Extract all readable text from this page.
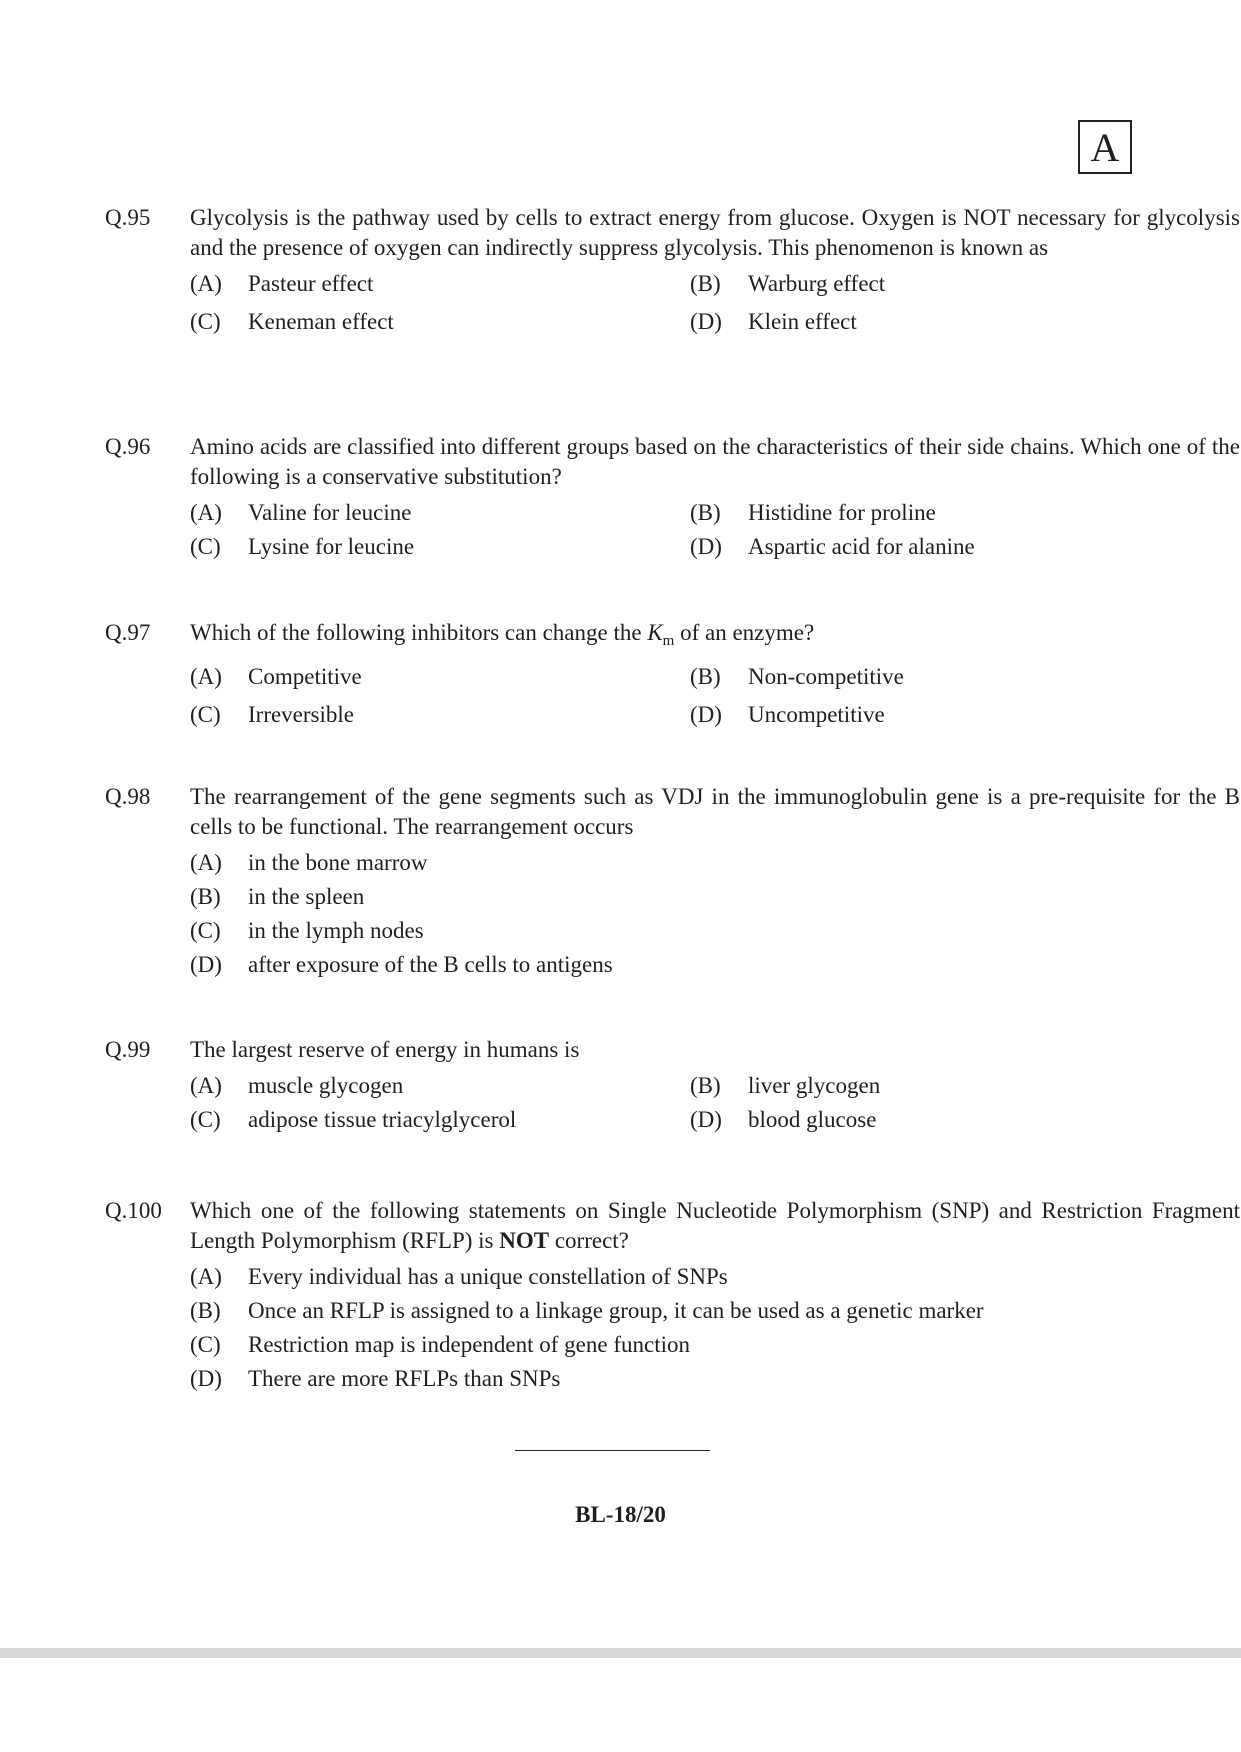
A
Q.95	Glycolysis is the pathway used by cells to extract energy from glucose. Oxygen is NOT necessary for glycolysis and the presence of oxygen can indirectly suppress glycolysis. This phenomenon is known as

(A) Pasteur effect	(B) Warburg effect
(C) Keneman effect	(D) Klein effect
Q.96	Amino acids are classified into different groups based on the characteristics of their side chains. Which one of the following is a conservative substitution?

(A) Valine for leucine	(B) Histidine for proline
(C) Lysine for leucine	(D) Aspartic acid for alanine
Q.97	Which of the following inhibitors can change the $K_m$ of an enzyme?

(A) Competitive	(B) Non-competitive
(C) Irreversible	(D) Uncompetitive
Q.98	The rearrangement of the gene segments such as VDJ in the immunoglobulin gene is a pre-requisite for the B cells to be functional. The rearrangement occurs

(A)	in the bone marrow
(B)	in the spleen
(C)	in the lymph nodes
(D)	after exposure of the B cells to antigens
Q.99	The largest reserve of energy in humans is

(A) muscle glycogen	(B) liver glycogen
(C) adipose tissue triacylglycerol	(D) blood glucose
Q.100	Which one of the following statements on Single Nucleotide Polymorphism (SNP) and Restriction Fragment Length Polymorphism (RFLP) is NOT correct?

(A)	Every individual has a unique constellation of SNPs
(B)	Once an RFLP is assigned to a linkage group, it can be used as a genetic marker
(C)	Restriction map is independent of gene function
(D)	There are more RFLPs than SNPs
BL-18/20
